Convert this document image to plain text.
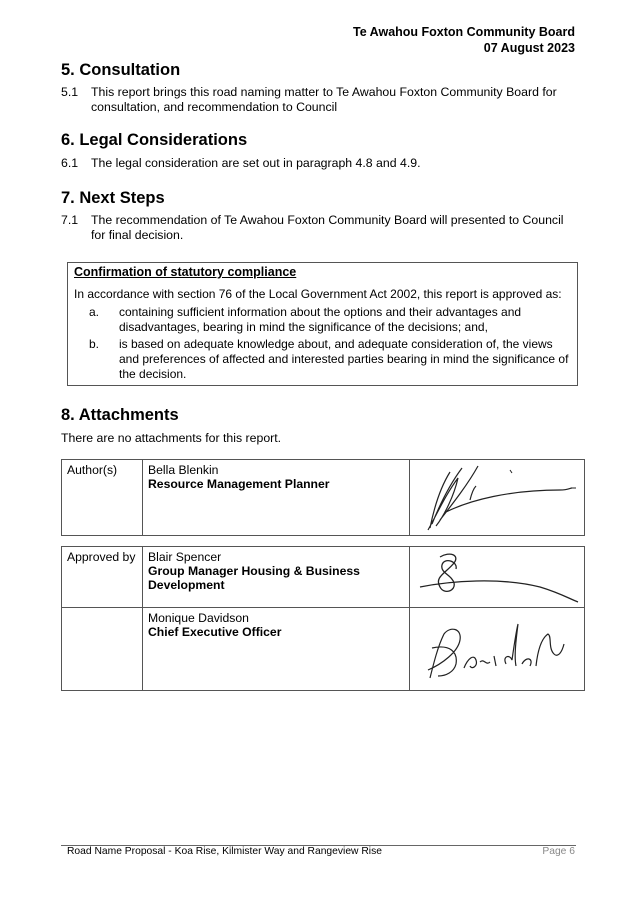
Te Awahou Foxton Community Board
07 August 2023
5. Consultation
5.1 This report brings this road naming matter to Te Awahou Foxton Community Board for consultation, and recommendation to Council
6. Legal Considerations
6.1 The legal consideration are set out in paragraph 4.8 and 4.9.
7. Next Steps
7.1 The recommendation of Te Awahou Foxton Community Board will presented to Council for final decision.
Confirmation of statutory compliance
In accordance with section 76 of the Local Government Act 2002, this report is approved as:
a. containing sufficient information about the options and their advantages and disadvantages, bearing in mind the significance of the decisions; and,
b. is based on adequate knowledge about, and adequate consideration of, the views and preferences of affected and interested parties bearing in mind the significance of the decision.
8. Attachments
There are no attachments for this report.
Author(s)	Bella Blenkin
Resource Management Planner

Approved by	Blair Spencer
Group Manager Housing & Business Development

	Monique Davidson
Chief Executive Officer

Road Name Proposal - Koa Rise, Kilmister Way and Rangeview Rise	Page 6
